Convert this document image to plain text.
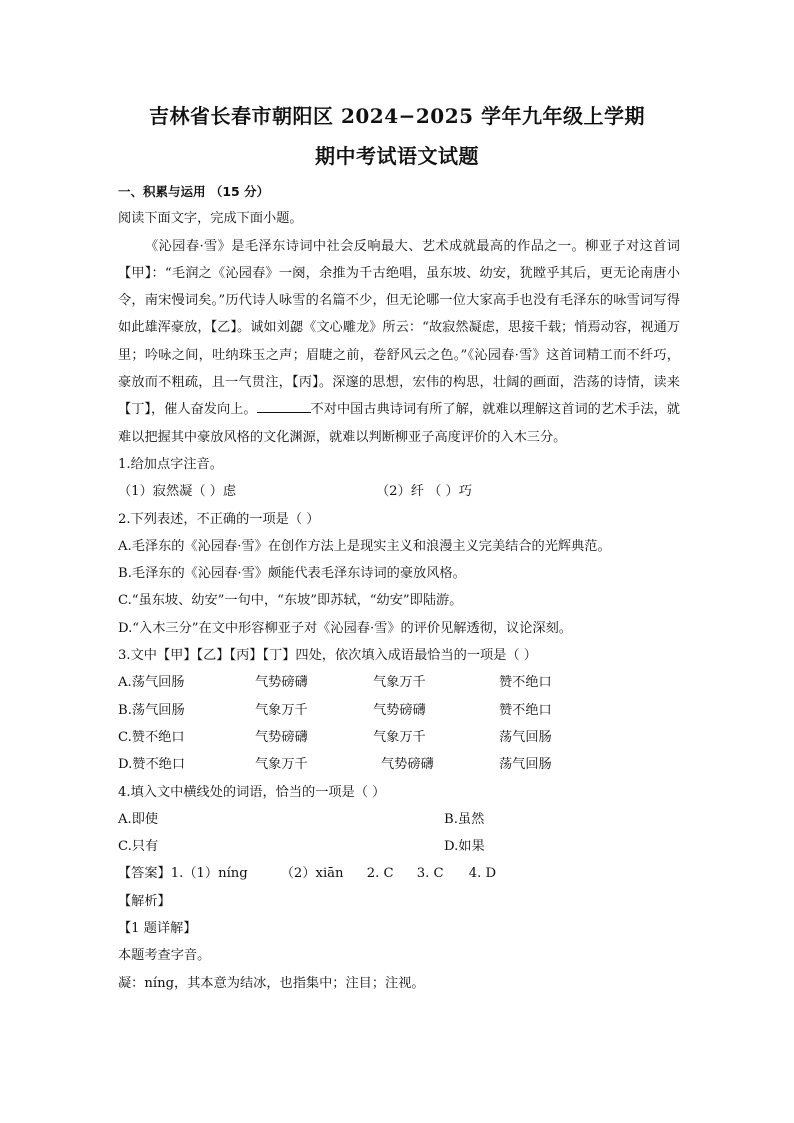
吉林省长春市朝阳区 2024−2025 学年九年级上学期
期中考试语文试题
一、积累与运用 （15 分）
阅读下面文字，完成下面小题。
《沁园春·雪》是毛泽东诗词中社会反响最大、艺术成就最高的作品之一。柳亚子对这首词【甲】：“毛润之《沁园春》一阕，余推为千古绝唱，虽东坡、幼安，犹瞠乎其后，更无论南唐小令，南宋慢词矣。”历代诗人咏雪的名篇不少，但无论哪一位大家高手也没有毛泽东的咏雪词写得如此雄浑豪放，【乙】。诚如刘勰《文心雕龙》所云：“故寂然凝虑，思接千载；悄焉动容，视通万里；吟咏之间，吐纳珠玉之声；眉睫之前，卷舒风云之色。”《沁园春·雪》这首词精工而不纤巧，豪放而不粗疏，且一气贯注，【丙】。深邃的思想，宏伟的构思，壮阔的画面，浩荡的诗情，读来【丁】，催人奋发向上。	不对中国古典诗词有所了解，就难以理解这首词的艺术手法，就难以把握其中豪放风格的文化渊源，就难以判断柳亚子高度评价的入木三分。
1.给加点字注音。
（1）寂然凝（ ）虑	（2）纤 （ ）巧
2.下列表述，不正确的一项是（ ）
A.毛泽东的《沁园春·雪》在创作方法上是现实主义和浪漫主义完美结合的光辉典范。
B.毛泽东的《沁园春·雪》颇能代表毛泽东诗词的豪放风格。
C.“虽东坡、幼安”一句中，“东坡”即苏轼，“幼安”即陆游。
D.“入木三分”在文中形容柳亚子对《沁园春·雪》的评价见解透彻，议论深刻。
3.文中【甲】【乙】【丙】【丁】四处，依次填入成语最恰当的一项是（ ）
A.荡气回肠	气势磅礴	气象万千	赞不绝口
B.荡气回肠	气象万千	气势磅礴	赞不绝口
C.赞不绝口	气势磅礴	气象万千	荡气回肠
D.赞不绝口	气象万千	气势磅礴	荡气回肠
4.填入文中横线处的词语，恰当的一项是（ ）
A.即使	B.虽然
C.只有	D.如果
【答案】 1.（1）níng	（2）xiān	2. C	3. C	4. D
【解析】
【1 题详解】
本题考查字音。
凝：níng，其本意为结冰，也指集中；注目；注视。
